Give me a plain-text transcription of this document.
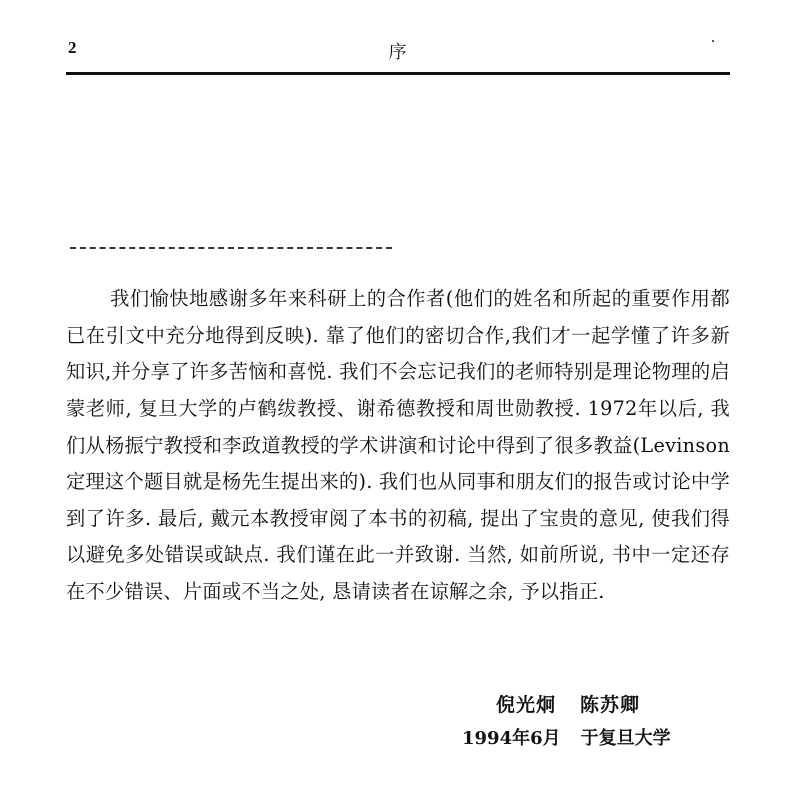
2	序

我们愉快地感谢多年来科研上的合作者(他们的姓名和所起的重要作用都已在引文中充分地得到反映). 靠了他们的密切合作,我们才一起学懂了许多新知识,并分享了许多苦恼和喜悦. 我们不会忘记我们的老师特别是理论物理的启蒙老师, 复旦大学的卢鹤绂教授、谢希德教授和周世勋教授. 1972年以后, 我们从杨振宁教授和李政道教授的学术讲演和讨论中得到了很多教益(Levinson定理这个题目就是杨先生提出来的). 我们也从同事和朋友们的报告或讨论中学到了许多. 最后, 戴元本教授审阅了本书的初稿, 提出了宝贵的意见, 使我们得以避免多处错误或缺点. 我们谨在此一并致谢. 当然, 如前所说, 书中一定还存在不少错误、片面或不当之处, 恳请读者在谅解之余, 予以指正.

倪光炯 陈苏卿
1994年6月 于复旦大学
